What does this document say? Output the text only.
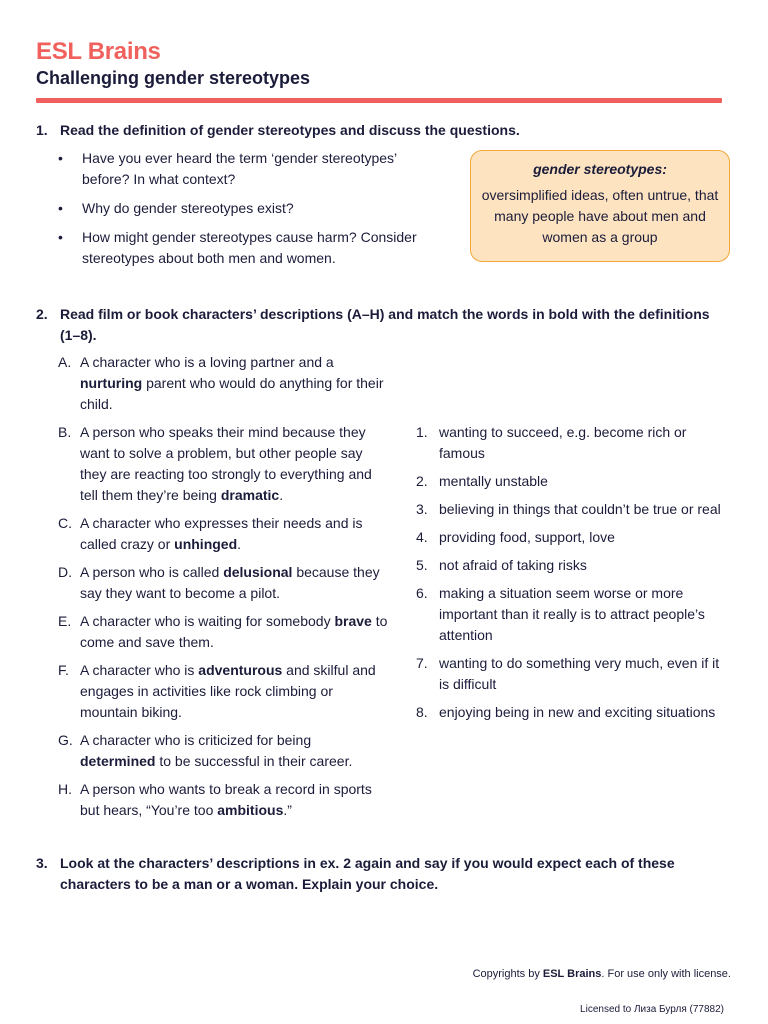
ESL Brains
Challenging gender stereotypes
1. Read the definition of gender stereotypes and discuss the questions.
• Have you ever heard the term ‘gender stereotypes’ before? In what context?
• Why do gender stereotypes exist?
• How might gender stereotypes cause harm? Consider stereotypes about both men and women.
gender stereotypes:
oversimplified ideas, often untrue, that many people have about men and women as a group
2. Read film or book characters’ descriptions (A–H) and match the words in bold with the definitions (1–8).
A. A character who is a loving partner and a nurturing parent who would do anything for their child.
B. A person who speaks their mind because they want to solve a problem, but other people say they are reacting too strongly to everything and tell them they’re being dramatic.
C. A character who expresses their needs and is called crazy or unhinged.
D. A person who is called delusional because they say they want to become a pilot.
E. A character who is waiting for somebody brave to come and save them.
F. A character who is adventurous and skilful and engages in activities like rock climbing or mountain biking.
G. A character who is criticized for being determined to be successful in their career.
H. A person who wants to break a record in sports but hears, “You’re too ambitious.”
1. wanting to succeed, e.g. become rich or famous
2. mentally unstable
3. believing in things that couldn’t be true or real
4. providing food, support, love
5. not afraid of taking risks
6. making a situation seem worse or more important than it really is to attract people’s attention
7. wanting to do something very much, even if it is difficult
8. enjoying being in new and exciting situations
3. Look at the characters’ descriptions in ex. 2 again and say if you would expect each of these characters to be a man or a woman. Explain your choice.
Copyrights by ESL Brains. For use only with license.
Licensed to Лиза Бурля (77882)
